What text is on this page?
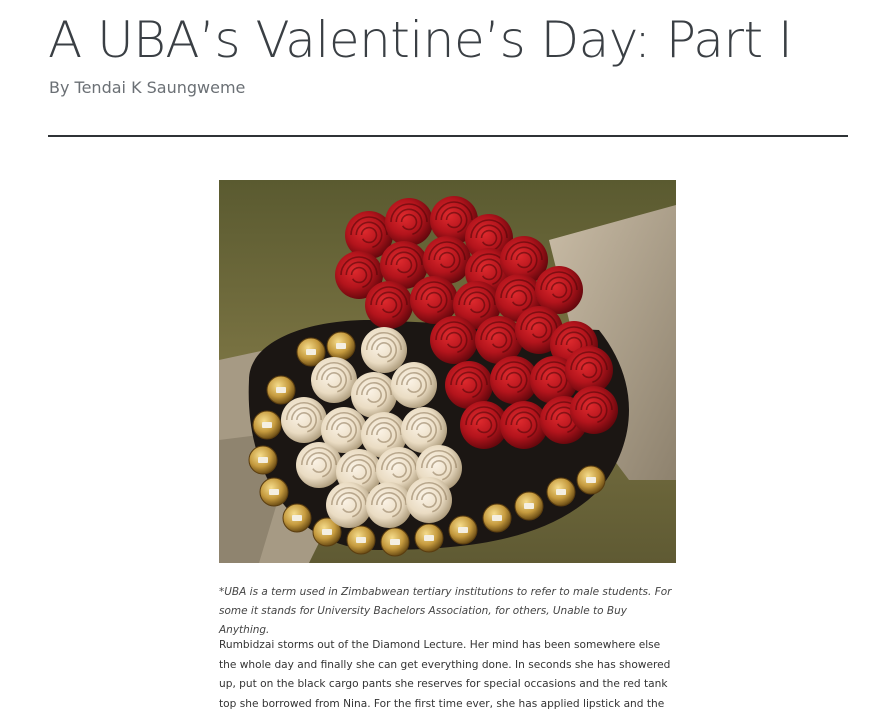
A UBA’s Valentine’s Day: Part I
By Tendai K Saungweme
*UBA is a term used in Zimbabwean tertiary institutions to refer to male students. For some it stands for University Bachelors Association, for others, Unable to Buy Anything.
Rumbidzai storms out of the Diamond Lecture. Her mind has been somewhere else the whole day and finally she can get everything done. In seconds she has showered up, put on the black cargo pants she reserves for special occasions and the red tank top she borrowed from Nina. For the first time ever, she has applied lipstick and the
